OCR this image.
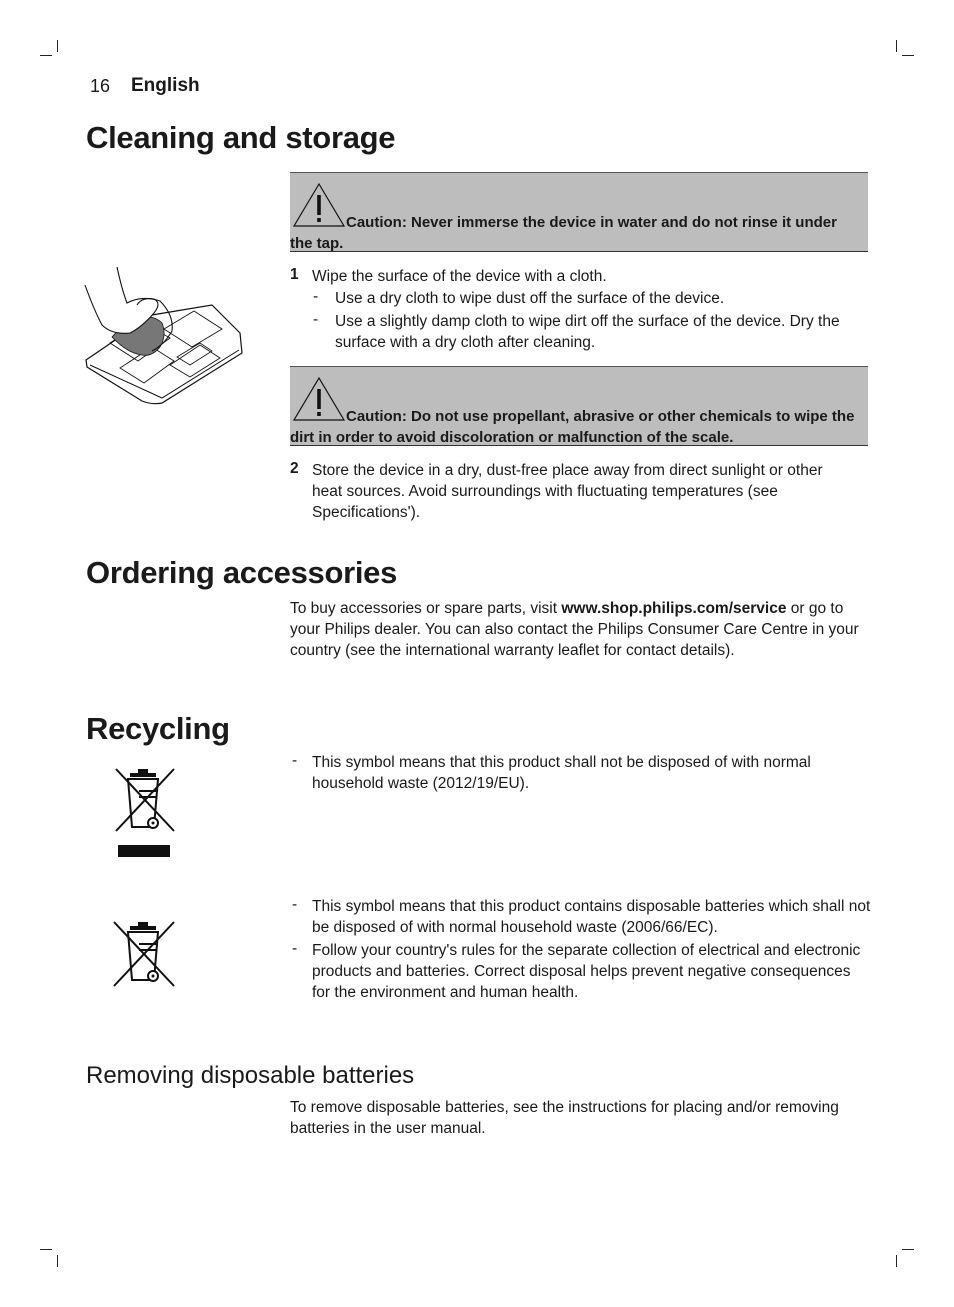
16 English
Cleaning and storage
Caution: Never immerse the device in water and do not rinse it under the tap.
1 Wipe the surface of the device with a cloth.
- Use a dry cloth to wipe dust off the surface of the device.
- Use a slightly damp cloth to wipe dirt off the surface of the device. Dry the surface with a dry cloth after cleaning.
Caution: Do not use propellant, abrasive or other chemicals to wipe the dirt in order to avoid discoloration or malfunction of the scale.
2 Store the device in a dry, dust-free place away from direct sunlight or other heat sources. Avoid surroundings with fluctuating temperatures (see Specifications').
Ordering accessories
To buy accessories or spare parts, visit www.shop.philips.com/service or go to your Philips dealer. You can also contact the Philips Consumer Care Centre in your country (see the international warranty leaflet for contact details).
Recycling
- This symbol means that this product shall not be disposed of with normal household waste (2012/19/EU).
- This symbol means that this product contains disposable batteries which shall not be disposed of with normal household waste (2006/66/EC).
- Follow your country's rules for the separate collection of electrical and electronic products and batteries. Correct disposal helps prevent negative consequences for the environment and human health.
Removing disposable batteries
To remove disposable batteries, see the instructions for placing and/or removing batteries in the user manual.
